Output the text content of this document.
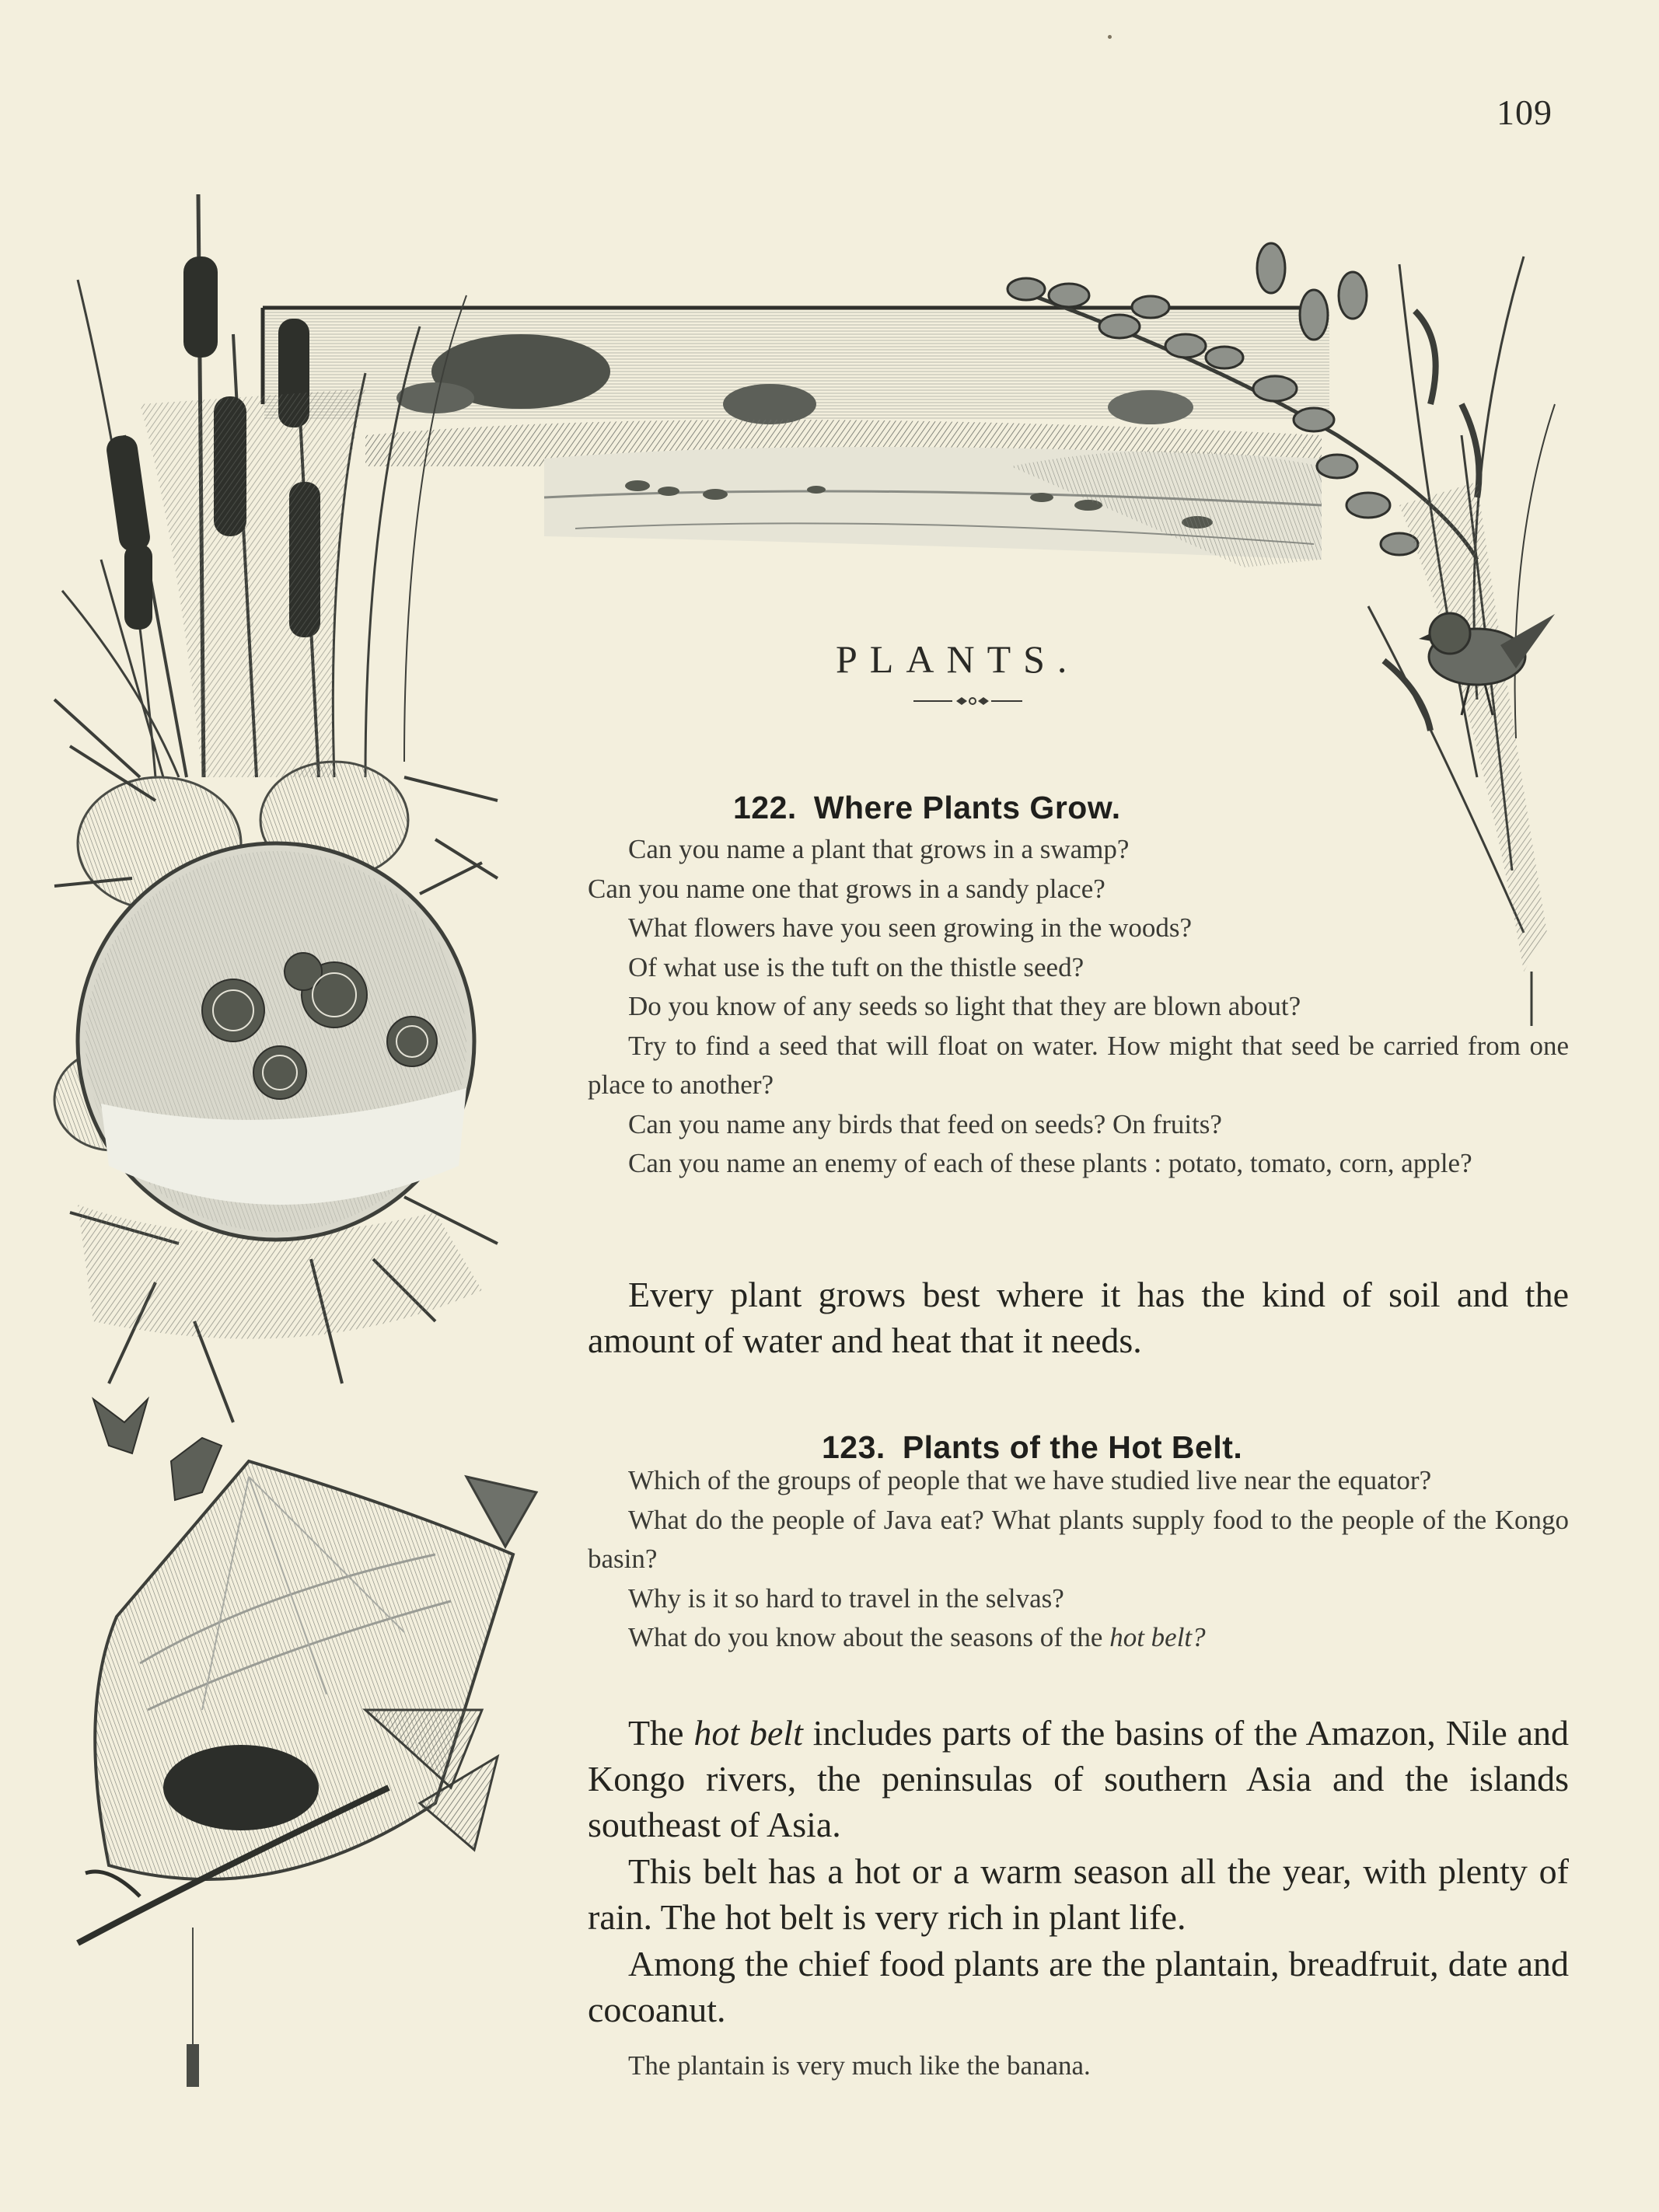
109
PLANTS.
122. Where Plants Grow.

Can you name a plant that grows in a swamp?

Can you name one that grows in a sandy place?

What flowers have you seen growing in the woods?

Of what use is the tuft on the thistle seed?

Do you know of any seeds so light that they are blown about?

Try to find a seed that will float on water. How might that seed be carried from one place to another?

Can you name any birds that feed on seeds? On fruits?

Can you name an enemy of each of these plants : potato, tomato, corn, apple?

Every plant grows best where it has the kind of soil and the amount of water and heat that it needs.

123. Plants of the Hot Belt.

Which of the groups of people that we have studied live near the equator?

What do the people of Java eat? What plants supply food to the people of the Kongo basin?

Why is it so hard to travel in the selvas?

What do you know about the seasons of the hot belt?

The hot belt includes parts of the basins of the Amazon, Nile and Kongo rivers, the peninsulas of southern Asia and the islands southeast of Asia.

This belt has a hot or a warm season all the year, with plenty of rain. The hot belt is very rich in plant life.

Among the chief food plants are the plantain, breadfruit, date and cocoanut.

The plantain is very much like the banana.
